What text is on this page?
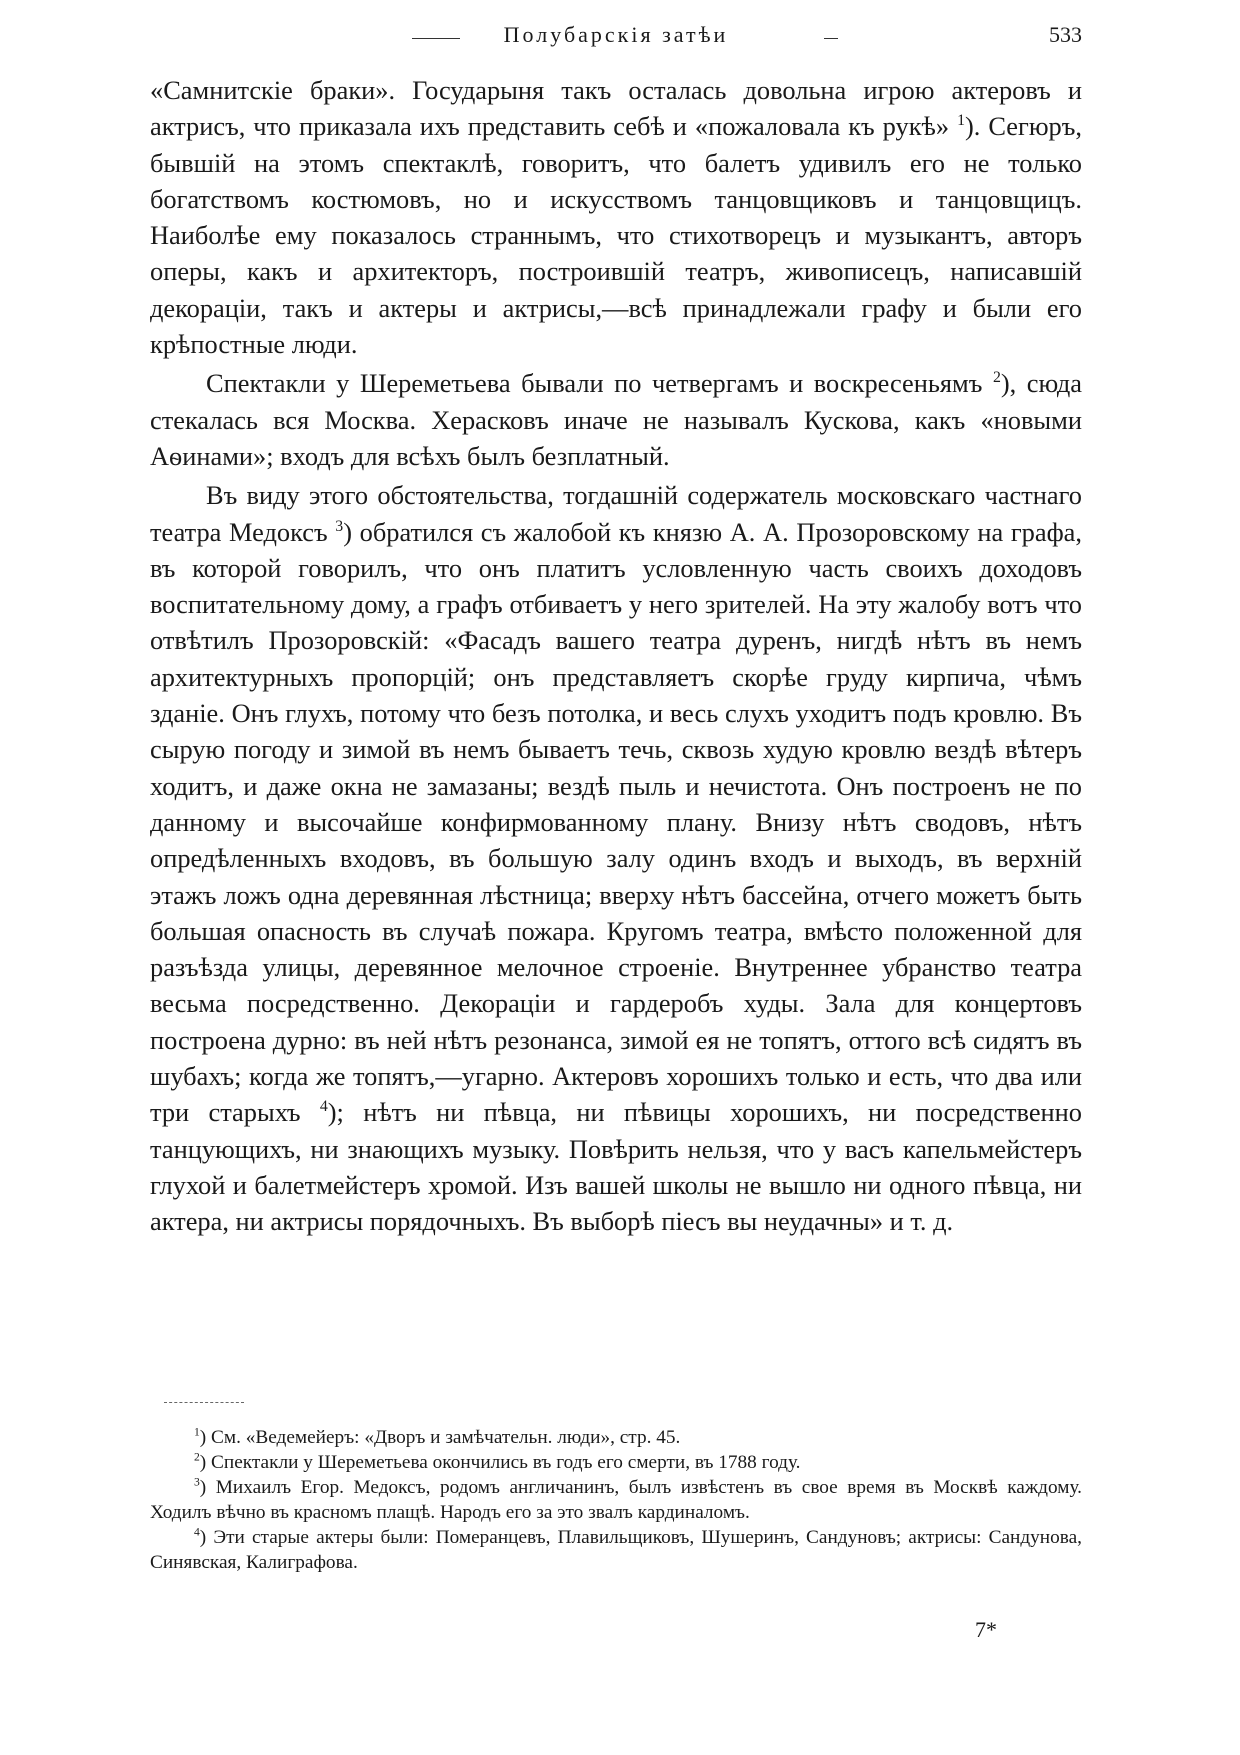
Полубарскія затѣи	533

«Самнитскіе браки». Государыня такъ осталась довольна игрою актеровъ и актрисъ, что приказала ихъ представить себѣ и «пожаловала къ рукѣ» $^1$). Сегюръ, бывшій на этомъ спектаклѣ, говоритъ, что балетъ удивилъ его не только богатствомъ костюмовъ, но и искусствомъ танцовщиковъ и танцовщицъ. Наиболѣе ему показалось страннымъ, что стихотворецъ и музыкантъ, авторъ оперы, какъ и архитекторъ, построившій театръ, живописецъ, написавшій декораціи, такъ и актеры и актрисы,—всѣ принадлежали графу и были его крѣпостные люди.

Спектакли у Шереметьева бывали по четвергамъ и воскресеньямъ $^2$), сюда стекалась вся Москва. Херасковъ иначе не называлъ Кускова, какъ «новыми Аѳинами»; входъ для всѣхъ былъ безплатный.

Въ виду этого обстоятельства, тогдашній содержатель московскаго частнаго театра Медоксъ $^3$) обратился съ жалобой къ князю А. А. Прозоровскому на графа, въ которой говорилъ, что онъ платитъ условленную часть своихъ доходовъ воспитательному дому, а графъ отбиваетъ у него зрителей. На эту жалобу вотъ что отвѣтилъ Прозоровскій: «Фасадъ вашего театра дуренъ, нигдѣ нѣтъ въ немъ архитектурныхъ пропорцій; онъ представляетъ скорѣе груду кирпича, чѣмъ зданіе. Онъ глухъ, потому что безъ потолка, и весь слухъ уходитъ подъ кровлю. Въ сырую погоду и зимой въ немъ бываетъ течь, сквозь худую кровлю вездѣ вѣтеръ ходитъ, и даже окна не замазаны; вездѣ пыль и нечистота. Онъ построенъ не по данному и высочайше конфирмованному плану. Внизу нѣтъ сводовъ, нѣтъ опредѣленныхъ входовъ, въ большую залу одинъ входъ и выходъ, въ верхній этажъ ложъ одна деревянная лѣстница; вверху нѣтъ бассейна, отчего можетъ быть большая опасность въ случаѣ пожара. Кругомъ театра, вмѣсто положенной для разъѣзда улицы, деревянное мелочное строеніе. Внутреннее убранство театра весьма посредственно. Декораціи и гардеробъ худы. Зала для концертовъ построена дурно: въ ней нѣтъ резонанса, зимой ея не топятъ, оттого всѣ сидятъ въ шубахъ; когда же топятъ,—угарно. Актеровъ хорошихъ только и есть, что два или три старыхъ $^4$); нѣтъ ни пѣвца, ни пѣвицы хорошихъ, ни посредственно танцующихъ, ни знающихъ музыку. Повѣрить нельзя, что у васъ капельмейстеръ глухой и балетмейстеръ хромой. Изъ вашей школы не вышло ни одного пѣвца, ни актера, ни актрисы порядочныхъ. Въ выборѣ піесъ вы неудачны» и т. д.

$^1$) См. «Ведемейеръ: «Дворъ и замѣчательн. люди», стр. 45.

$^2$) Спектакли у Шереметьева окончились въ годъ его смерти, въ 1788 году.

$^3$) Михаилъ Егор. Медоксъ, родомъ англичанинъ, былъ извѣстенъ въ свое время въ Москвѣ каждому. Ходилъ вѣчно въ красномъ плащѣ. Народъ его за это звалъ кардиналомъ.

$^4$) Эти старые актеры были: Померанцевъ, Плавильщиковъ, Шушеринъ, Сандуновъ; актрисы: Сандунова, Синявская, Калиграфова.

7*
